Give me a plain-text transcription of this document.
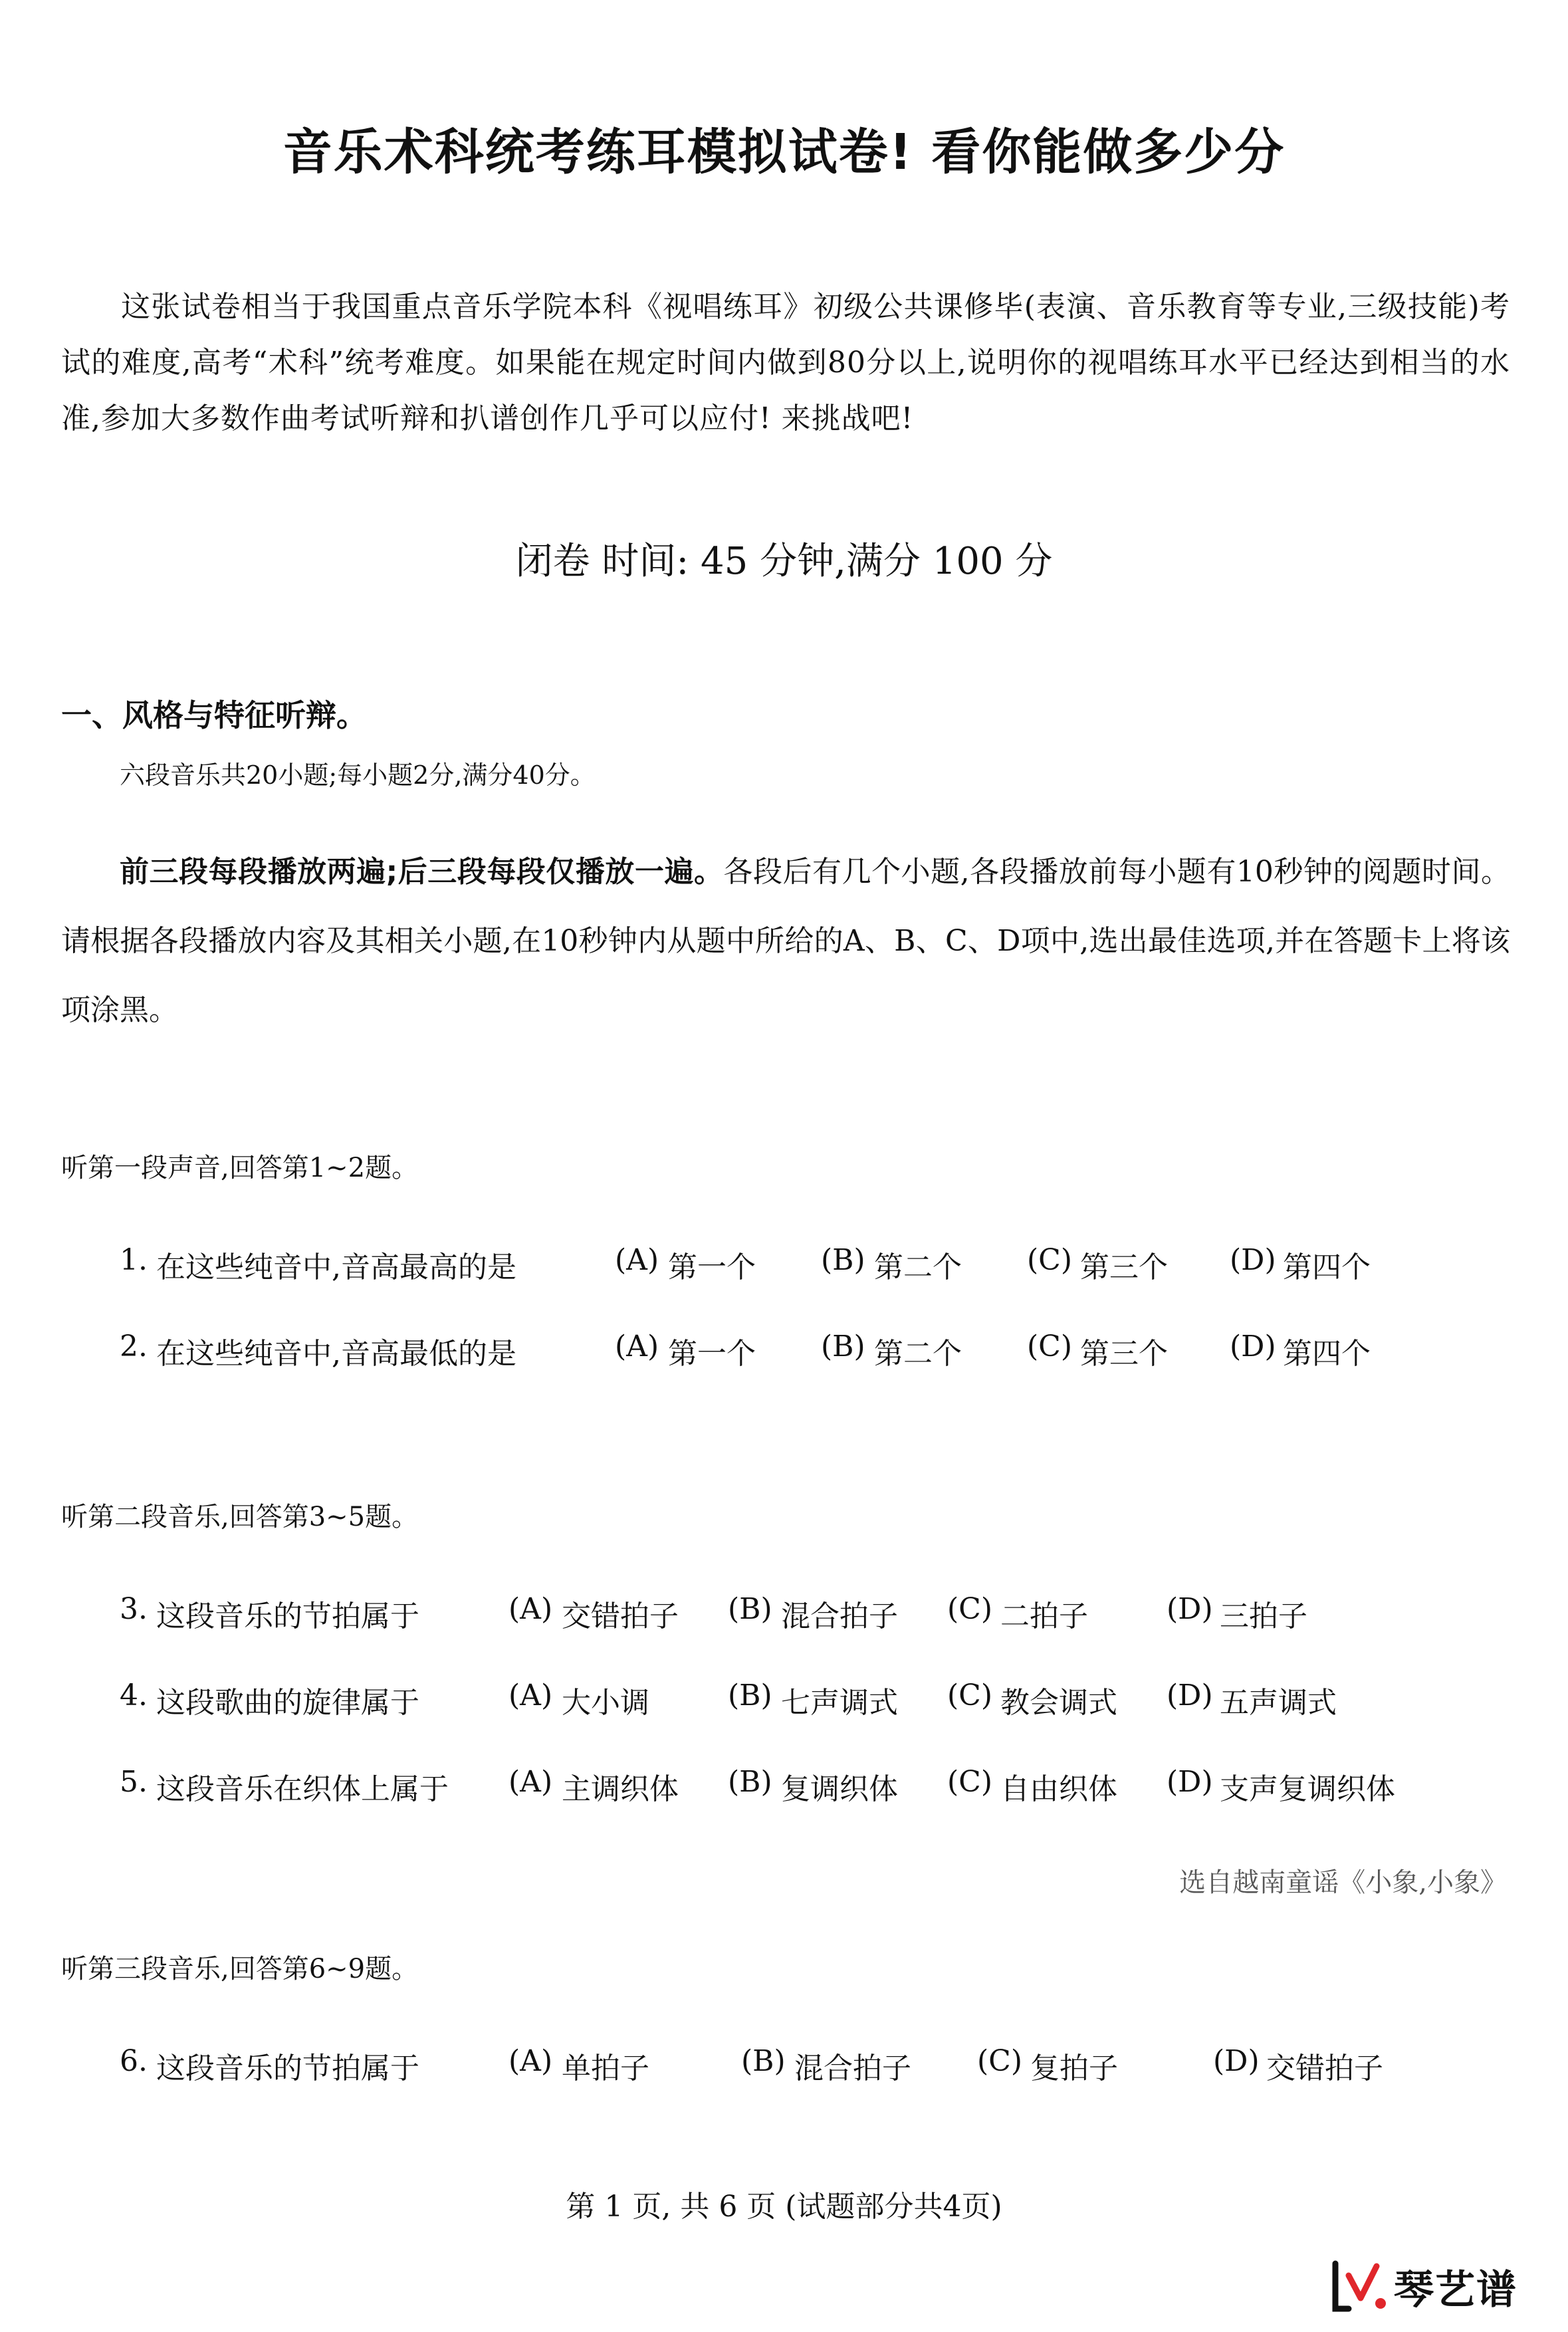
音乐术科统考练耳模拟试卷! 看你能做多少分
这张试卷相当于我国重点音乐学院本科《视唱练耳》初级公共课修毕(表演、音乐教育等专业,三级技能)考试的难度,高考“术科”统考难度。如果能在规定时间内做到80分以上,说明你的视唱练耳水平已经达到相当的水准,参加大多数作曲考试听辩和扒谱创作几乎可以应付! 来挑战吧!
闭卷 时间: 45 分钟,满分 100 分
一、风格与特征听辩。
六段音乐共20小题;每小题2分,满分40分。
前三段每段播放两遍;后三段每段仅播放一遍。各段后有几个小题,各段播放前每小题有10秒钟的阅题时间。请根据各段播放内容及其相关小题,在10秒钟内从题中所给的A、B、C、D项中,选出最佳选项,并在答题卡上将该项涂黑。
听第一段声音,回答第1~2题。
1. 在这些纯音中,音高最高的是	(A) 第一个 (B) 第二个 (C) 第三个 (D) 第四个
2. 在这些纯音中,音高最低的是	(A) 第一个 (B) 第二个 (C) 第三个 (D) 第四个
听第二段音乐,回答第3~5题。
3. 这段音乐的节拍属于	(A) 交错拍子 (B) 混合拍子 (C) 二拍子	(D) 三拍子
4. 这段歌曲的旋律属于	(A) 大小调	(B) 七声调式 (C) 教会调式 (D) 五声调式
5. 这段音乐在织体上属于 (A) 主调织体 (B) 复调织体 (C) 自由织体 (D) 支声复调织体
选自越南童谣《小象,小象》
听第三段音乐,回答第6~9题。
6. 这段音乐的节拍属于	(A) 单拍子	(B) 混合拍子 (C) 复拍子	(D) 交错拍子
第 1 页, 共 6 页 (试题部分共4页)
琴艺谱
